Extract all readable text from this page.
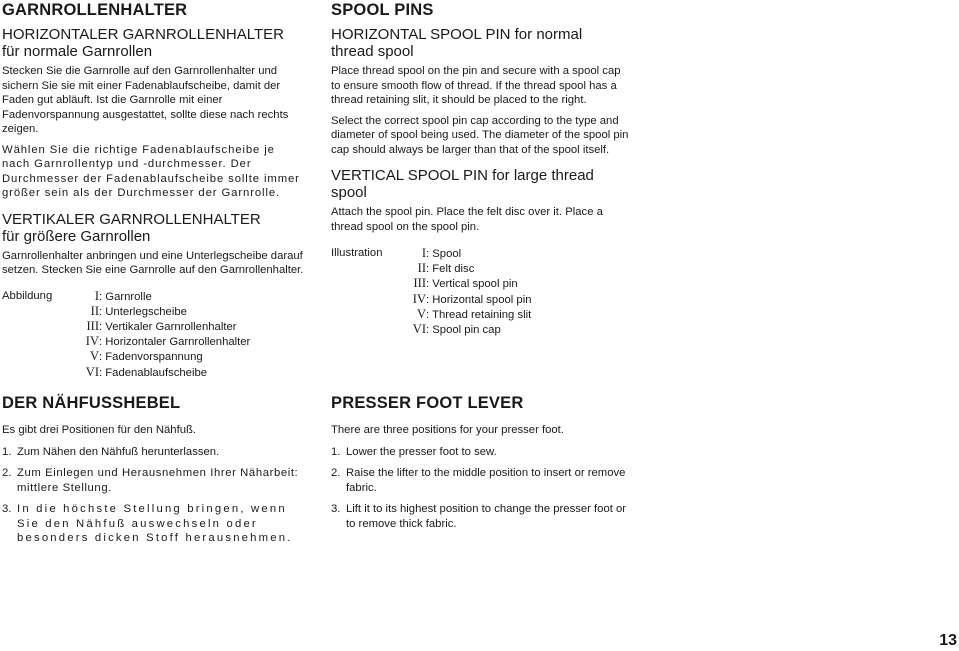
GARNROLLENHALTER
HORIZONTALER GARNROLLENHALTER
für normale Garnrollen

Stecken Sie die Garnrolle auf den Garnrollenhalter und sichern Sie sie mit einer Fadenablaufscheibe, damit der Faden gut abläuft. Ist die Garnrolle mit einer Fadenvorspannung ausgestattet, sollte diese nach rechts zeigen.

Wählen Sie die richtige Fadenablaufscheibe je nach Garnrollentyp und -durchmesser. Der Durchmesser der Fadenablaufscheibe sollte immer größer sein als der Durchmesser der Garnrolle.

VERTIKALER GARNROLLENHALTER
für größere Garnrollen

Garnrollenhalter anbringen und eine Unterlegscheibe darauf setzen. Stecken Sie eine Garnrolle auf den Garnrollenhalter.

Abbildung	I: Garnrolle
II: Unterlegscheibe
III: Vertikaler Garnrollenhalter
IV: Horizontaler Garnrollenhalter
V: Fadenvorspannung
VI: Fadenablaufscheibe
SPOOL PINS
HORIZONTAL SPOOL PIN for normal
thread spool

Place thread spool on the pin and secure with a spool cap to ensure smooth flow of thread. If the thread spool has a thread retaining slit, it should be placed to the right.

Select the correct spool pin cap according to the type and diameter of spool being used. The diameter of the spool pin cap should always be larger than that of the spool itself.

VERTICAL SPOOL PIN for large thread
spool

Attach the spool pin. Place the felt disc over it. Place a thread spool on the spool pin.

Illustration	I: Spool
II: Felt disc
III: Vertical spool pin
IV: Horizontal spool pin
V: Thread retaining slit
VI: Spool pin cap
DER NÄHFUSSHEBEL

Es gibt drei Positionen für den Nähfuß.

1. Zum Nähen den Nähfuß herunterlassen.
2. Zum Einlegen und Herausnehmen Ihrer Näharbeit: mittlere Stellung.
3. In die höchste Stellung bringen, wenn Sie den Nähfuß auswechseln oder besonders dicken Stoff herausnehmen.
PRESSER FOOT LEVER

There are three positions for your presser foot.

1. Lower the presser foot to sew.
2. Raise the lifter to the middle position to insert or remove fabric.
3. Lift it to its highest position to change the presser foot or to remove thick fabric.
13
